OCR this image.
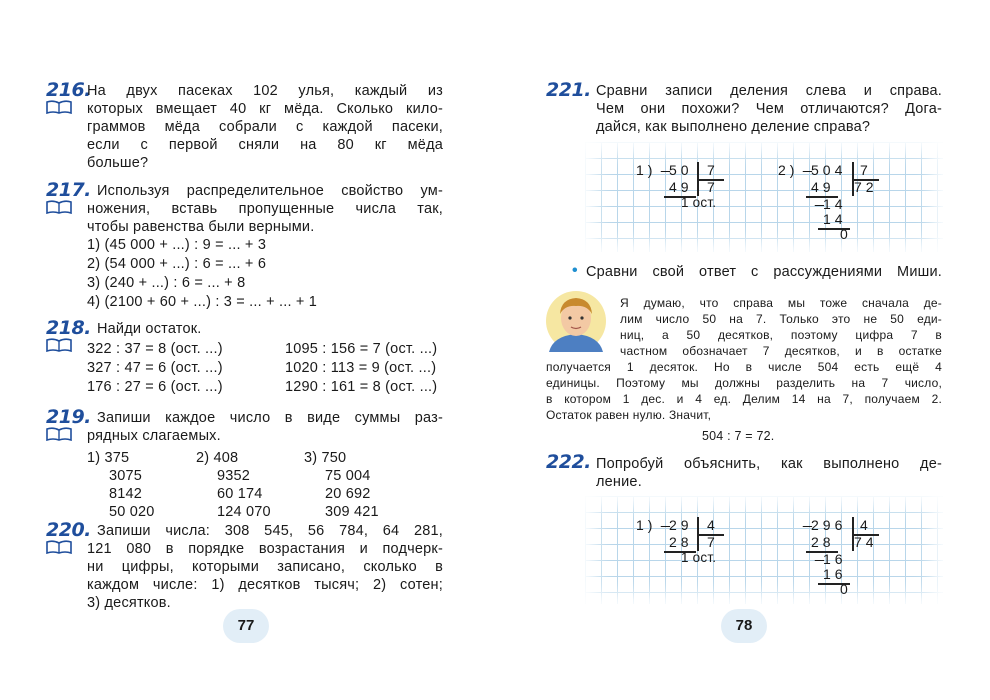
216.
На двух пасеках 102 улья, каждый из
которых вмещает 40 кг мёда. Сколько кило-
граммов мёда собрали с каждой пасеки,
если с первой сняли на 80 кг мёда
больше?
217. Используя распределительное свойство ум-
ножения, вставь пропущенные числа так,
чтобы равенства были верными.
1) (45 000 + ...) : 9 = ... + 3
2) (54 000 + ...) : 6 = ... + 6
3) (240 + ...) : 6 = ... + 8
4) (2100 + 60 + ...) : 3 = ... + ... + 1
218. Найди остаток.
322 : 37 = 8 (ост. ...)
327 : 47 = 6 (ост. ...)
176 : 27 = 6 (ост. ...)
1095 : 156 = 7 (ост. ...)
1020 : 113 = 9 (ост. ...)
1290 : 161 = 8 (ост. ...)
219. Запиши каждое число в виде суммы раз-
рядных слагаемых.
1) 375
3075
8142
50 020
2) 408
9352
60 174
124 070
3) 750
75 004
20 692
309 421
220. Запиши числа: 308 545, 56 784, 64 281,
121 080 в порядке возрастания и подчерк-
ни цифры, которыми записано, сколько в
каждом числе: 1) десятков тысяч; 2) сотен;
3) десятков.
77
221. Сравни записи деления слева и справа.
Чем они похожи? Чем отличаются? Дога-
дайся, как выполнено деление справа?
1) _ 50 7
49 7
1 ост.
2) _ 504 7
49 72
_ 14
14
0
• Сравни свой ответ с рассуждениями Миши.
Я думаю, что справа мы тоже сначала де-
лим число 50 на 7. Только это не 50 еди-
ниц, а 50 десятков, поэтому цифра 7 в
частном обозначает 7 десятков, и в остатке
получается 1 десяток. Но в числе 504 есть ещё 4
единицы. Поэтому мы должны разделить на 7 число,
в котором 1 дес. и 4 ед. Делим 14 на 7, получаем 2.
Остаток равен нулю. Значит,
504 : 7 = 72.
222. Попробуй объяснить, как выполнено де-
ление.
1) _ 29 4
28 7
1 ост.
_ 296 4
28 74
_ 16
16
0
78
